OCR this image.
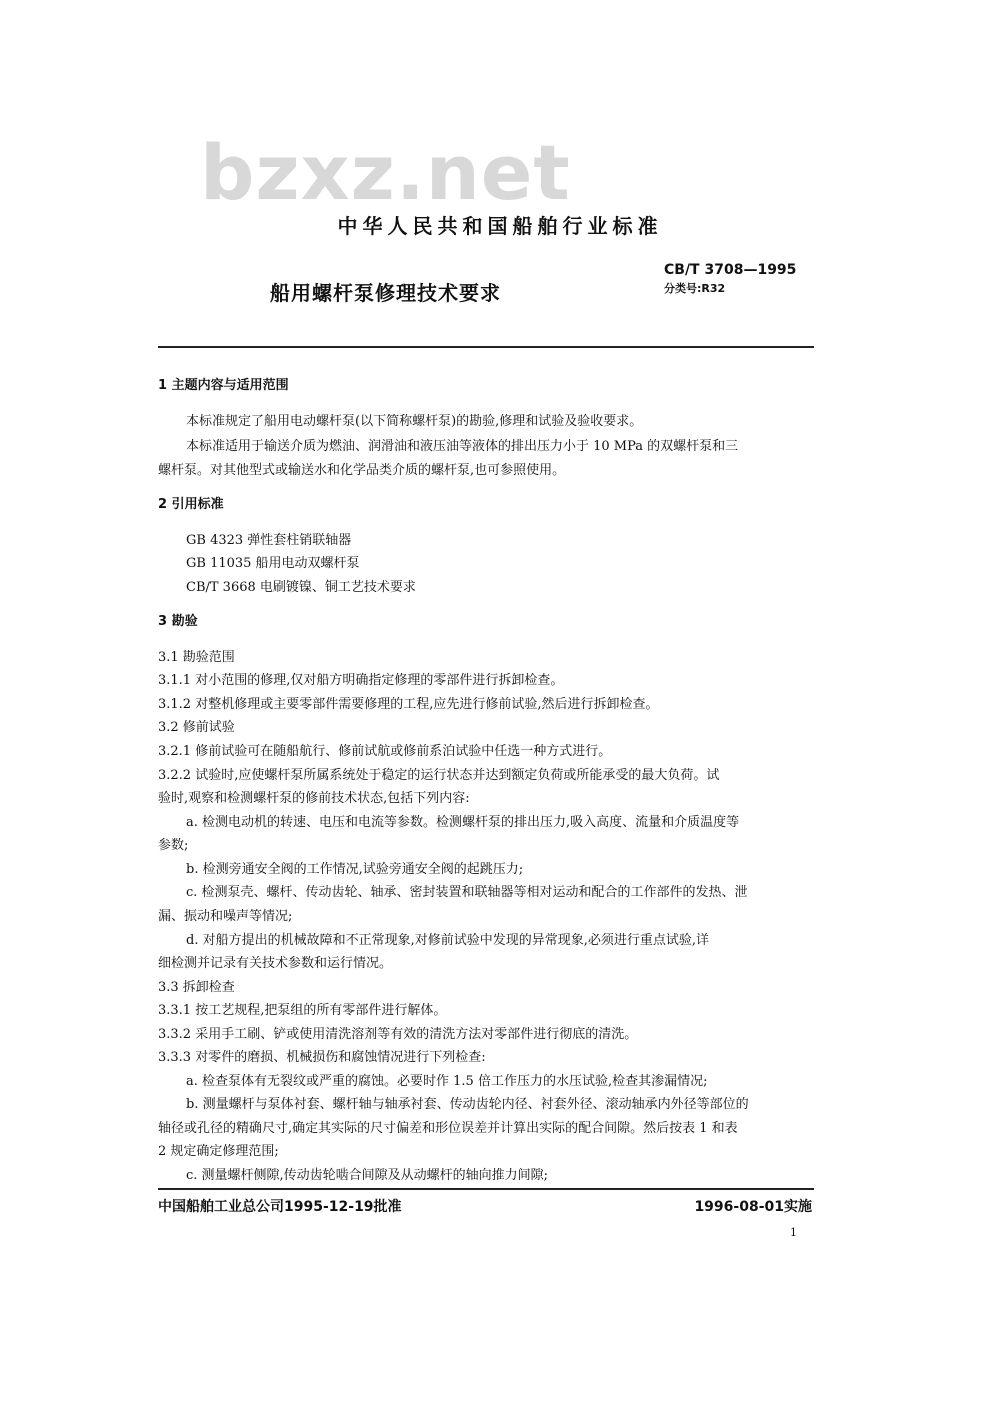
bzxz.net
中华人民共和国船舶行业标准
船用螺杆泵修理技术要求
CB/T 3708—1995
分类号:R32
1 主题内容与适用范围
本标准规定了船用电动螺杆泵(以下简称螺杆泵)的勘验,修理和试验及验收要求。
本标准适用于输送介质为燃油、润滑油和液压油等液体的排出压力小于 10 MPa 的双螺杆泵和三
螺杆泵。对其他型式或输送水和化学品类介质的螺杆泵,也可参照使用。
2 引用标准
GB 4323 弹性套柱销联轴器
GB 11035 船用电动双螺杆泵
CB/T 3668 电刷镀镍、铜工艺技术要求
3 勘验
3.1 勘验范围
3.1.1 对小范围的修理,仅对船方明确指定修理的零部件进行拆卸检查。
3.1.2 对整机修理或主要零部件需要修理的工程,应先进行修前试验,然后进行拆卸检查。
3.2 修前试验
3.2.1 修前试验可在随船航行、修前试航或修前系泊试验中任选一种方式进行。
3.2.2 试验时,应使螺杆泵所属系统处于稳定的运行状态并达到额定负荷或所能承受的最大负荷。试
验时,观察和检测螺杆泵的修前技术状态,包括下列内容:
a. 检测电动机的转速、电压和电流等参数。检测螺杆泵的排出压力,吸入高度、流量和介质温度等
参数;
b. 检测旁通安全阀的工作情况,试验旁通安全阀的起跳压力;
c. 检测泵壳、螺杆、传动齿轮、轴承、密封装置和联轴器等相对运动和配合的工作部件的发热、泄
漏、振动和噪声等情况;
d. 对船方提出的机械故障和不正常现象,对修前试验中发现的异常现象,必须进行重点试验,详
细检测并记录有关技术参数和运行情况。
3.3 拆卸检查
3.3.1 按工艺规程,把泵组的所有零部件进行解体。
3.3.2 采用手工刷、铲或使用清洗溶剂等有效的清洗方法对零部件进行彻底的清洗。
3.3.3 对零件的磨损、机械损伤和腐蚀情况进行下列检查:
a. 检查泵体有无裂纹或严重的腐蚀。必要时作 1.5 倍工作压力的水压试验,检查其渗漏情况;
b. 测量螺杆与泵体衬套、螺杆轴与轴承衬套、传动齿轮内径、衬套外径、滚动轴承内外径等部位的
轴径或孔径的精确尺寸,确定其实际的尺寸偏差和形位误差并计算出实际的配合间隙。然后按表 1 和表
2 规定确定修理范围;
c. 测量螺杆侧隙,传动齿轮啮合间隙及从动螺杆的轴向推力间隙;
中国船舶工业总公司1995-12-19批准	1996-08-01实施
1
